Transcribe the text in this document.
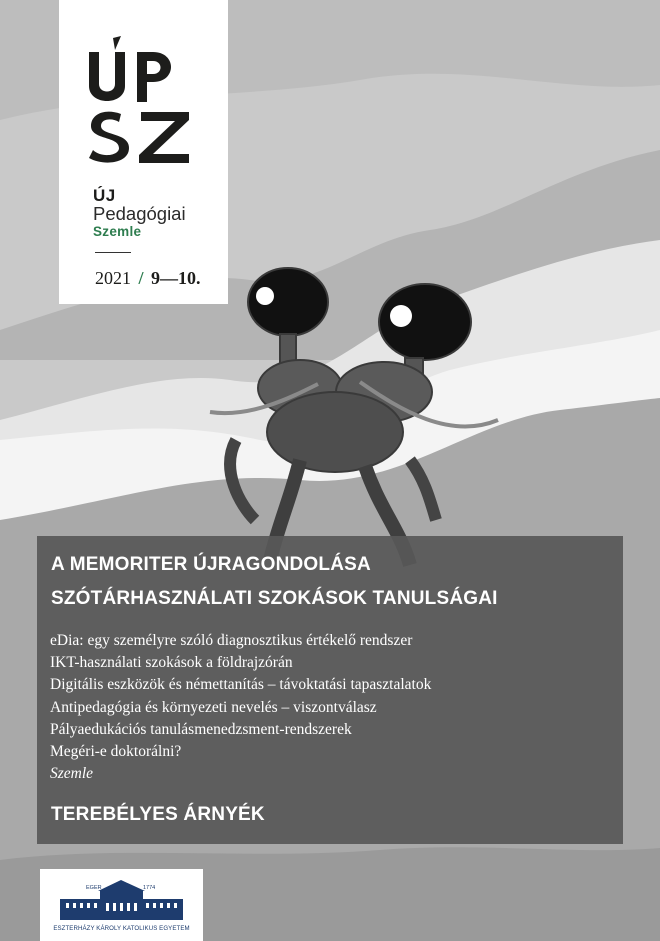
ÚJ
Pedagógiai
Szemle
2021 / 9—10.
A MEMORITER ÚJRAGONDOLÁSA
SZÓTÁRHASZNÁLATI SZOKÁSOK TANULSÁGAI
eDia: egy személyre szóló diagnosztikus értékelő rendszer
IKT-használati szokások a földrajzórán
Digitális eszközök és némettanítás – távoktatási tapasztalatok
Antipedagógia és környezeti nevelés – viszontválasz
Pályaedukációs tanulásmenedzsment-rendszerek
Megéri-e doktorálni?
Szemle
TEREBÉLYES ÁRNYÉK
EGER	1774
ESZTERHÁZY KÁROLY KATOLIKUS EGYETEM
